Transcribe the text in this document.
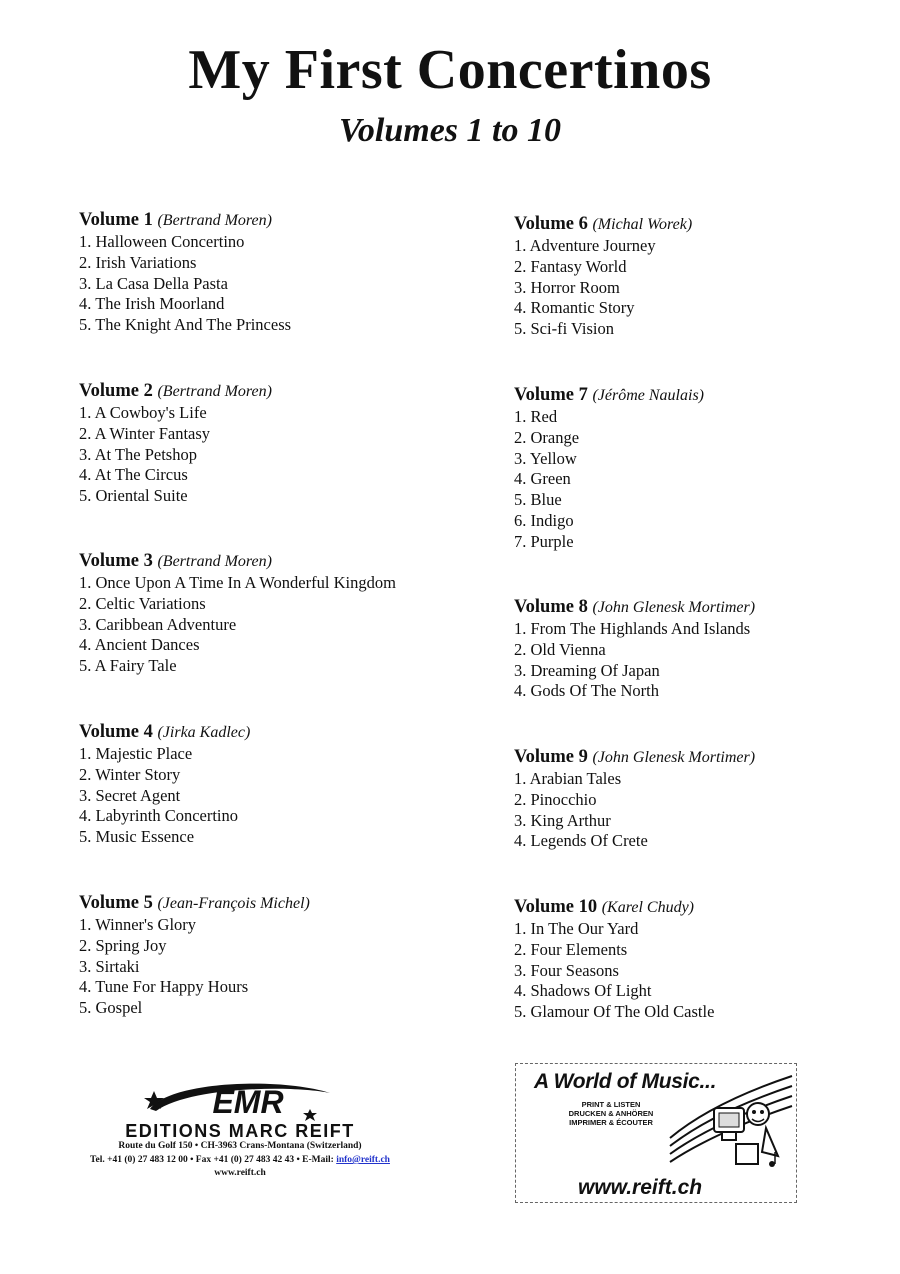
My First Concertinos
Volumes 1 to 10
Volume 1 (Bertrand Moren)
1. Halloween Concertino
2. Irish Variations
3. La Casa Della Pasta
4. The Irish Moorland
5. The Knight And The Princess
Volume 2 (Bertrand Moren)
1. A Cowboy's Life
2. A Winter Fantasy
3. At The Petshop
4. At The Circus
5. Oriental Suite
Volume 3 (Bertrand Moren)
1. Once Upon A Time In A Wonderful Kingdom
2. Celtic Variations
3. Caribbean Adventure
4. Ancient Dances
5. A Fairy Tale
Volume 4 (Jirka Kadlec)
1. Majestic Place
2. Winter Story
3. Secret Agent
4. Labyrinth Concertino
5. Music Essence
Volume 5 (Jean-François Michel)
1. Winner's Glory
2. Spring Joy
3. Sirtaki
4. Tune For Happy Hours
5. Gospel
Volume 6 (Michal Worek)
1. Adventure Journey
2. Fantasy World
3. Horror Room
4. Romantic Story
5. Sci-fi Vision
Volume 7 (Jérôme Naulais)
1. Red
2. Orange
3. Yellow
4. Green
5. Blue
6. Indigo
7. Purple
Volume 8 (John Glenesk Mortimer)
1. From The Highlands And Islands
2. Old Vienna
3. Dreaming Of Japan
4. Gods Of The North
Volume 9 (John Glenesk Mortimer)
1. Arabian Tales
2. Pinocchio
3. King Arthur
4. Legends Of Crete
Volume 10 (Karel Chudy)
1. In The Our Yard
2. Four Elements
3. Four Seasons
4. Shadows Of Light
5. Glamour Of The Old Castle
EMR
EDITIONS MARC REIFT
Route du Golf 150 • CH-3963 Crans-Montana (Switzerland)
Tel. +41 (0) 27 483 12 00 • Fax +41 (0) 27 483 42 43 • E-Mail: info@reift.ch
www.reift.ch
A World of Music...
PRINT & LISTEN
DRUCKEN & ANHÖREN
IMPRIMER & ÉCOUTER
www.reift.ch
